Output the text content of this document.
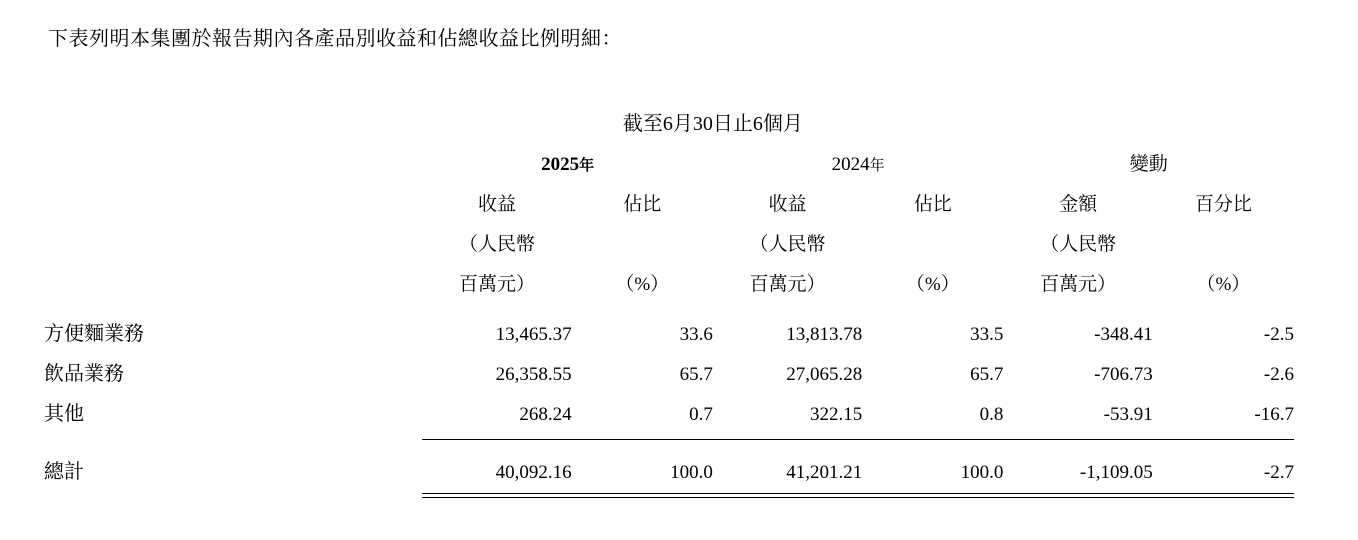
下表列明本集團於報告期內各產品別收益和佔總收益比例明細：
	截至6月30日止6個月					
	2025年		2024年		變動	
	收益	佔比	收益	佔比	金額	百分比
	（人民幣		（人民幣		（人民幣	
	百萬元）	（%）	百萬元）	（%）	百萬元）	（%）

方便麵業務	13,465.37	33.6	13,813.78	33.5	-348.41	-2.5
飲品業務	26,358.55	65.7	27,065.28	65.7	-706.73	-2.6
其他	268.24	0.7	322.15	0.8	-53.91	-16.7

總計	40,092.16	100.0	41,201.21	100.0	-1,109.05	-2.7
